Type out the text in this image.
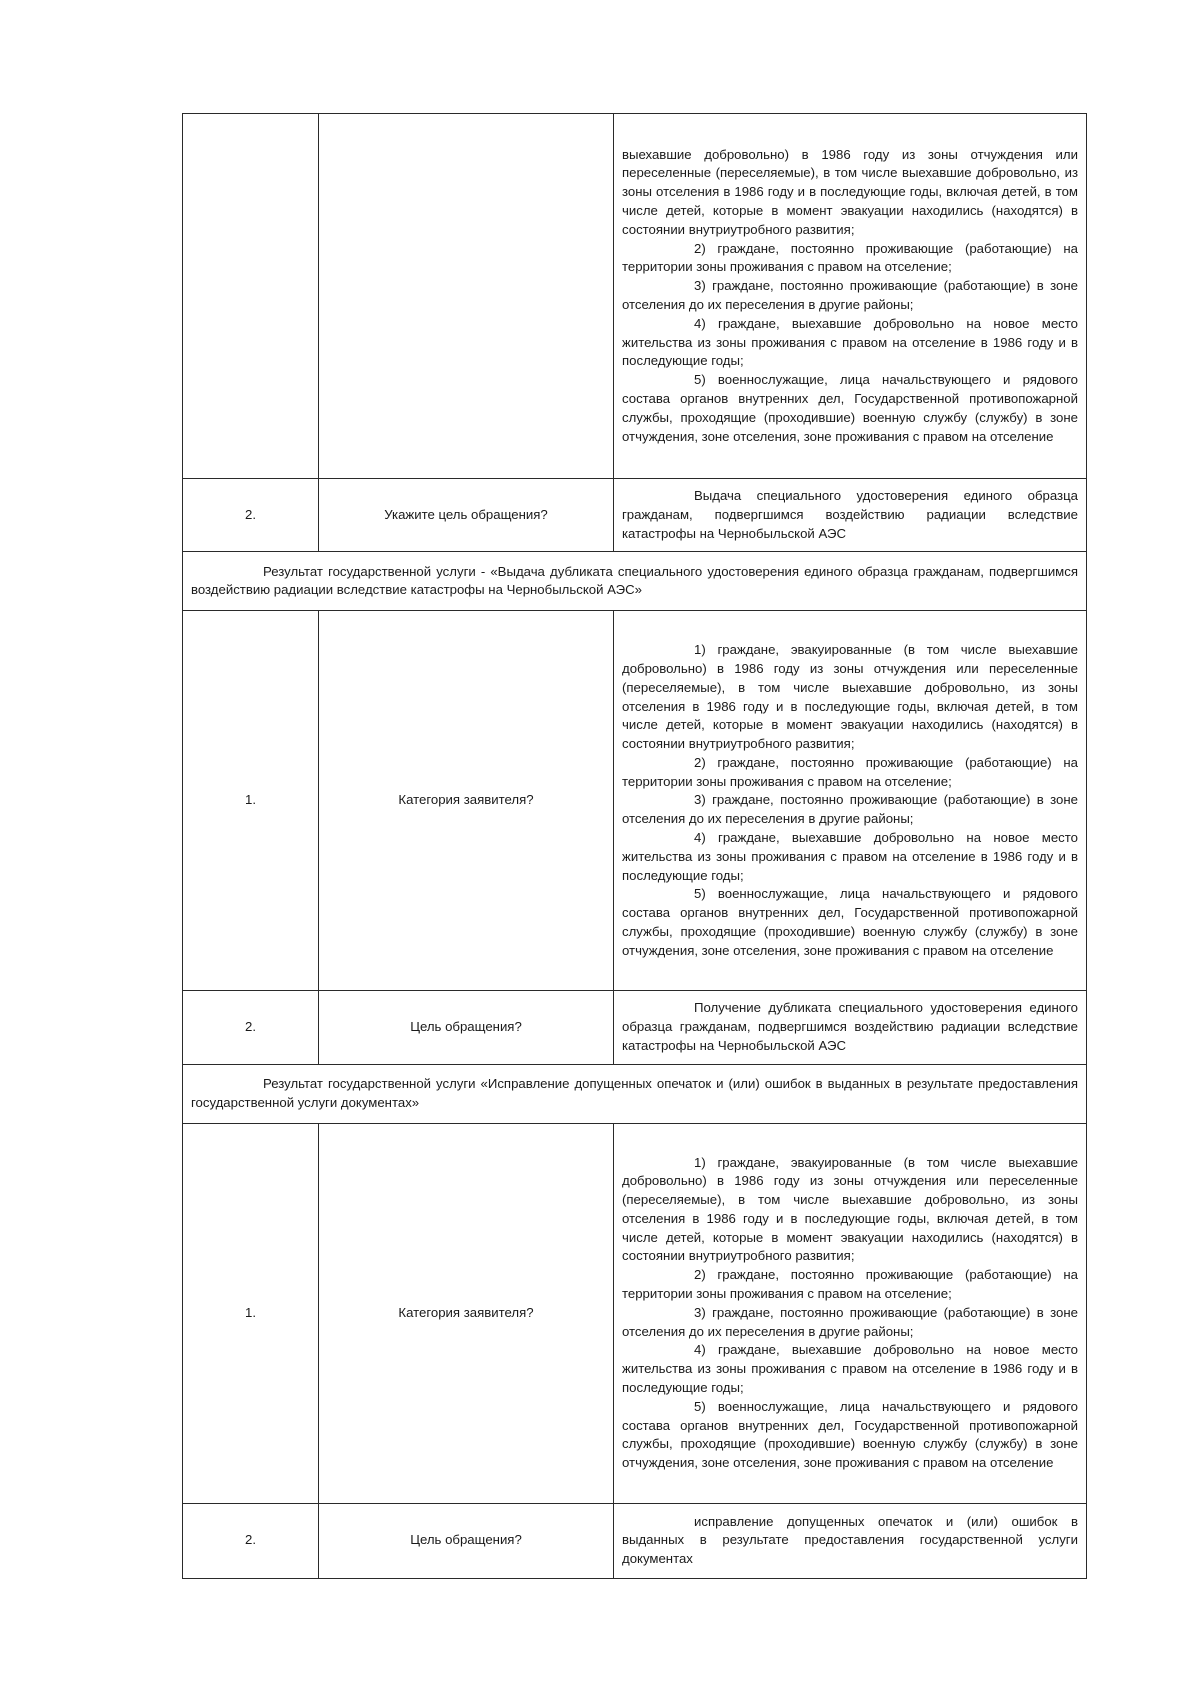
		выехавшие добровольно) в 1986 году из зоны отчуждения или переселенные (переселяемые), в том числе выехавшие добровольно, из зоны отселения в 1986 году и в последующие годы, включая детей, в том числе детей, которые в момент эвакуации находились (находятся) в состоянии внутриутробного развития;

2) граждане, постоянно проживающие (работающие) на территории зоны проживания с правом на отселение;

3) граждане, постоянно проживающие (работающие) в зоне отселения до их переселения в другие районы;

4) граждане, выехавшие добровольно на новое место жительства из зоны проживания с правом на отселение в 1986 году и в последующие годы;

5) военнослужащие, лица начальствующего и рядового состава органов внутренних дел, Государственной противопожарной службы, проходящие (проходившие) военную службу (службу) в зоне отчуждения, зоне отселения, зоне проживания с правом на отселение

2.	Укажите цель обращения?	Выдача специального удостоверения единого образца гражданам, подвергшимся воздействию радиации вследствие катастрофы на Чернобыльской АЭС

Результат государственной услуги - «Выдача дубликата специального удостоверения единого образца гражданам, подвергшимся воздействию радиации вследствие катастрофы на Чернобыльской АЭС»		

1.	Категория заявителя?	1) граждане, эвакуированные (в том числе выехавшие добровольно) в 1986 году из зоны отчуждения или переселенные (переселяемые), в том числе выехавшие добровольно, из зоны отселения в 1986 году и в последующие годы, включая детей, в том числе детей, которые в момент эвакуации находились (находятся) в состоянии внутриутробного развития;

2) граждане, постоянно проживающие (работающие) на территории зоны проживания с правом на отселение;

3) граждане, постоянно проживающие (работающие) в зоне отселения до их переселения в другие районы;

4) граждане, выехавшие добровольно на новое место жительства из зоны проживания с правом на отселение в 1986 году и в последующие годы;

5) военнослужащие, лица начальствующего и рядового состава органов внутренних дел, Государственной противопожарной службы, проходящие (проходившие) военную службу (службу) в зоне отчуждения, зоне отселения, зоне проживания с правом на отселение

2.	Цель обращения?	Получение дубликата специального удостоверения единого образца гражданам, подвергшимся воздействию радиации вследствие катастрофы на Чернобыльской АЭС

Результат государственной услуги «Исправление допущенных опечаток и (или) ошибок в выданных в результате предоставления государственной услуги документах»		

1.	Категория заявителя?	1) граждане, эвакуированные (в том числе выехавшие добровольно) в 1986 году из зоны отчуждения или переселенные (переселяемые), в том числе выехавшие добровольно, из зоны отселения в 1986 году и в последующие годы, включая детей, в том числе детей, которые в момент эвакуации находились (находятся) в состоянии внутриутробного развития;

2) граждане, постоянно проживающие (работающие) на территории зоны проживания с правом на отселение;

3) граждане, постоянно проживающие (работающие) в зоне отселения до их переселения в другие районы;

4) граждане, выехавшие добровольно на новое место жительства из зоны проживания с правом на отселение в 1986 году и в последующие годы;

5) военнослужащие, лица начальствующего и рядового состава органов внутренних дел, Государственной противопожарной службы, проходящие (проходившие) военную службу (службу) в зоне отчуждения, зоне отселения, зоне проживания с правом на отселение

2.	Цель обращения?	исправление допущенных опечаток и (или) ошибок в выданных в результате предоставления государственной услуги документах
